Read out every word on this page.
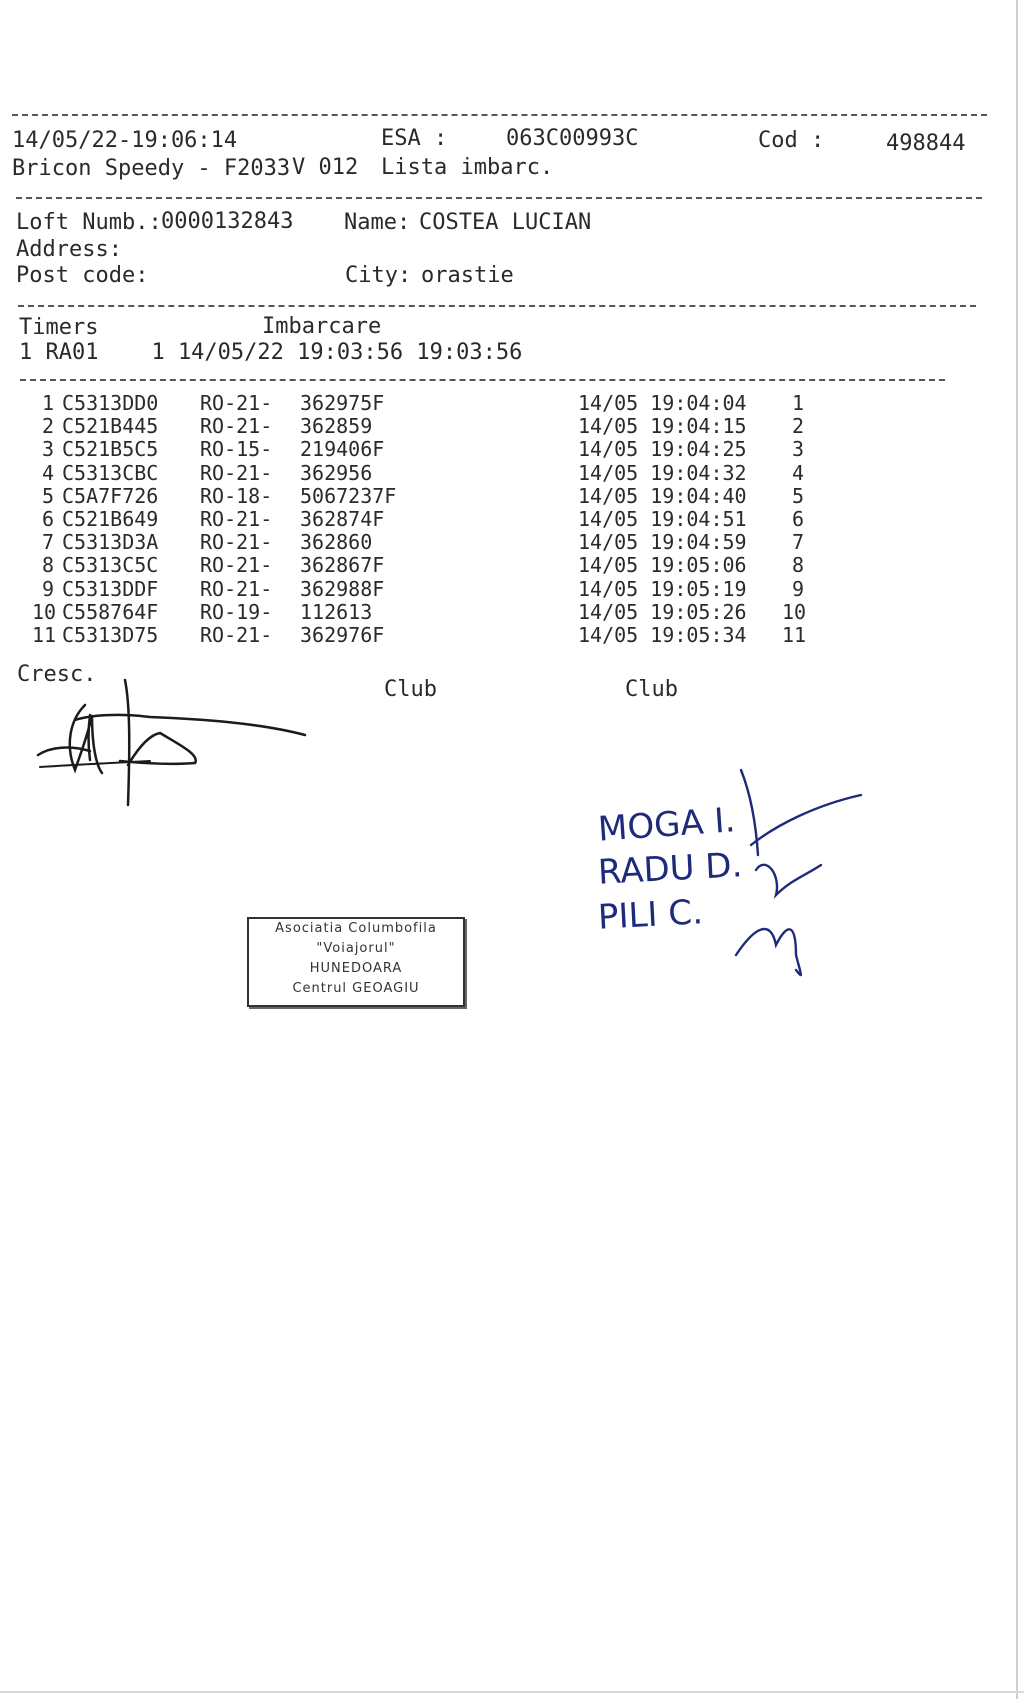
14/05/22-19:06:14	ESA :	063C00993C	Cod :	498844
Bricon Speedy - F2033 V 012 Lista imbarc.
Loft Numb.: 0000132843 Name: COSTEA LUCIAN
Address:
Post code:	City: orastie
Timers	Imbarcare
1 RA01    1 14/05/22 19:03:56 19:03:56
1 C5313DD0 RO-21- 362975F	14/05 19:04:04	1
2 C521B445 RO-21- 362859	14/05 19:04:15	2
3 C521B5C5 RO-15- 219406F	14/05 19:04:25	3
4 C5313CBC RO-21- 362956	14/05 19:04:32	4
5 C5A7F726 RO-18- 5067237F	14/05 19:04:40	5
6 C521B649 RO-21- 362874F	14/05 19:04:51	6
7 C5313D3A RO-21- 362860	14/05 19:04:59	7
8 C5313C5C RO-21- 362867F	14/05 19:05:06	8
9 C5313DDF RO-21- 362988F	14/05 19:05:19	9
10 C558764F RO-19- 112613	14/05 19:05:26 10
11 C5313D75 RO-21- 362976F	14/05 19:05:34 11
Cresc.
Club	Club
MOGA I.
RADU D.
PILI C.
Asociatia Columbofila
"Voiajorul"
HUNEDOARA
Centrul GEOAGIU
